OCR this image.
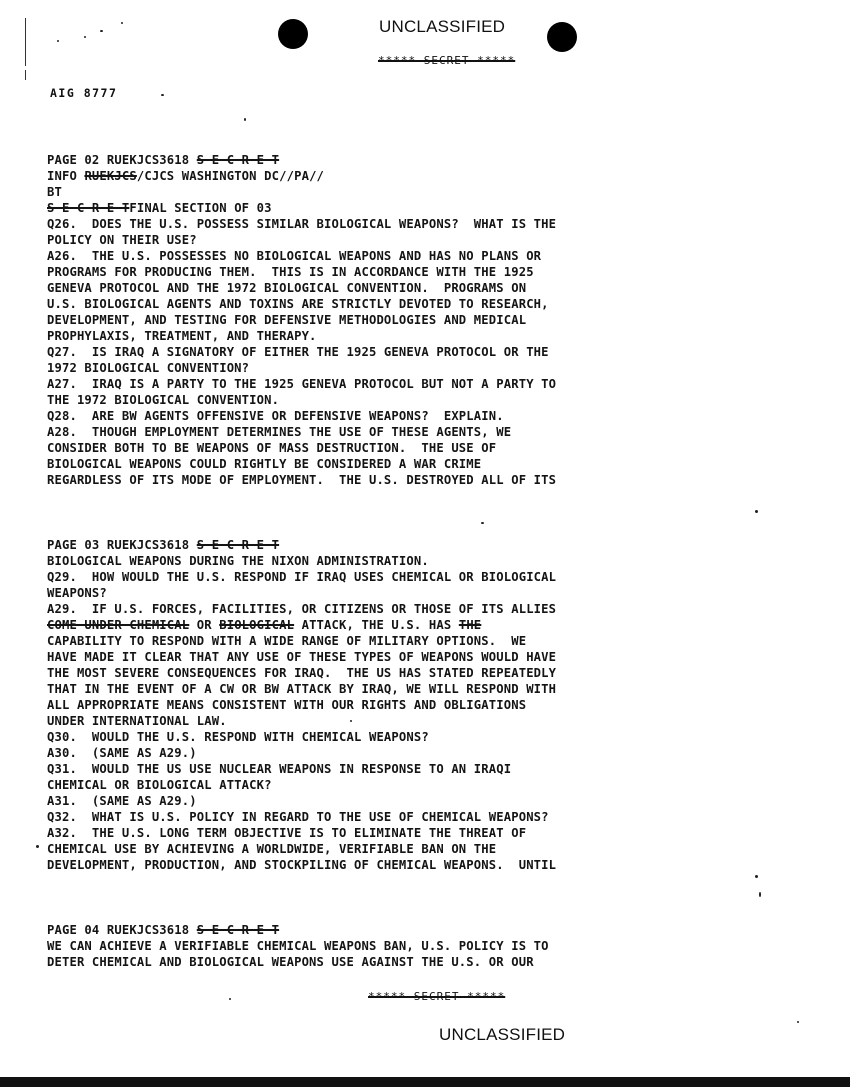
UNCLASSIFIED
***** SECRET *****
AIG 8777
PAGE 02 RUEKJCS3618 S E C R E T
INFO RUEKJCS/CJCS WASHINGTON DC//PA//
BT
S E C R E TFINAL SECTION OF 03
Q26.  DOES THE U.S. POSSESS SIMILAR BIOLOGICAL WEAPONS?  WHAT IS THE
POLICY ON THEIR USE?
A26.  THE U.S. POSSESSES NO BIOLOGICAL WEAPONS AND HAS NO PLANS OR
PROGRAMS FOR PRODUCING THEM.  THIS IS IN ACCORDANCE WITH THE 1925
GENEVA PROTOCOL AND THE 1972 BIOLOGICAL CONVENTION.  PROGRAMS ON
U.S. BIOLOGICAL AGENTS AND TOXINS ARE STRICTLY DEVOTED TO RESEARCH,
DEVELOPMENT, AND TESTING FOR DEFENSIVE METHODOLOGIES AND MEDICAL
PROPHYLAXIS, TREATMENT, AND THERAPY.
Q27.  IS IRAQ A SIGNATORY OF EITHER THE 1925 GENEVA PROTOCOL OR THE
1972 BIOLOGICAL CONVENTION?
A27.  IRAQ IS A PARTY TO THE 1925 GENEVA PROTOCOL BUT NOT A PARTY TO
THE 1972 BIOLOGICAL CONVENTION.
Q28.  ARE BW AGENTS OFFENSIVE OR DEFENSIVE WEAPONS?  EXPLAIN.
A28.  THOUGH EMPLOYMENT DETERMINES THE USE OF THESE AGENTS, WE
CONSIDER BOTH TO BE WEAPONS OF MASS DESTRUCTION.  THE USE OF
BIOLOGICAL WEAPONS COULD RIGHTLY BE CONSIDERED A WAR CRIME
REGARDLESS OF ITS MODE OF EMPLOYMENT.  THE U.S. DESTROYED ALL OF ITS
PAGE 03 RUEKJCS3618 S E C R E T
BIOLOGICAL WEAPONS DURING THE NIXON ADMINISTRATION.
Q29.  HOW WOULD THE U.S. RESPOND IF IRAQ USES CHEMICAL OR BIOLOGICAL
WEAPONS?
A29.  IF U.S. FORCES, FACILITIES, OR CITIZENS OR THOSE OF ITS ALLIES
COME UNDER CHEMICAL OR BIOLOGICAL ATTACK, THE U.S. HAS THE
CAPABILITY TO RESPOND WITH A WIDE RANGE OF MILITARY OPTIONS.  WE
HAVE MADE IT CLEAR THAT ANY USE OF THESE TYPES OF WEAPONS WOULD HAVE
THE MOST SEVERE CONSEQUENCES FOR IRAQ.  THE US HAS STATED REPEATEDLY
THAT IN THE EVENT OF A CW OR BW ATTACK BY IRAQ, WE WILL RESPOND WITH
ALL APPROPRIATE MEANS CONSISTENT WITH OUR RIGHTS AND OBLIGATIONS
UNDER INTERNATIONAL LAW.
Q30.  WOULD THE U.S. RESPOND WITH CHEMICAL WEAPONS?
A30.  (SAME AS A29.)
Q31.  WOULD THE US USE NUCLEAR WEAPONS IN RESPONSE TO AN IRAQI
CHEMICAL OR BIOLOGICAL ATTACK?
A31.  (SAME AS A29.)
Q32.  WHAT IS U.S. POLICY IN REGARD TO THE USE OF CHEMICAL WEAPONS?
A32.  THE U.S. LONG TERM OBJECTIVE IS TO ELIMINATE THE THREAT OF
CHEMICAL USE BY ACHIEVING A WORLDWIDE, VERIFIABLE BAN ON THE
DEVELOPMENT, PRODUCTION, AND STOCKPILING OF CHEMICAL WEAPONS.  UNTIL
PAGE 04 RUEKJCS3618 S E C R E T
WE CAN ACHIEVE A VERIFIABLE CHEMICAL WEAPONS BAN, U.S. POLICY IS TO
DETER CHEMICAL AND BIOLOGICAL WEAPONS USE AGAINST THE U.S. OR OUR
***** SECRET *****
UNCLASSIFIED
